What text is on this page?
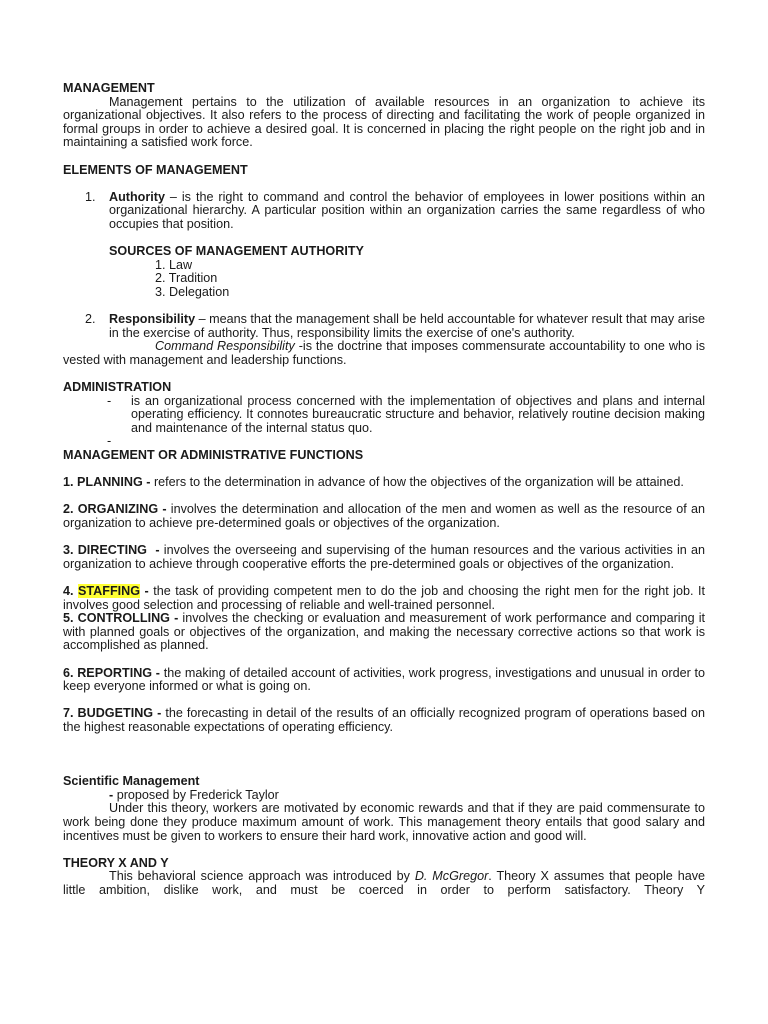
MANAGEMENT

Management pertains to the utilization of available resources in an organization to achieve its organizational objectives. It also refers to the process of directing and facilitating the work of people organized in formal groups in order to achieve a desired goal. It is concerned in placing the right people on the right job and in maintaining a satisfied work force.

ELEMENTS OF MANAGEMENT

1. Authority – is the right to command and control the behavior of employees in lower positions within an organizational hierarchy. A particular position within an organization carries the same regardless of who occupies that position.

SOURCES OF MANAGEMENT AUTHORITY

1. Law
2. Tradition
3. Delegation
2. Responsibility – means that the management shall be held accountable for whatever result that may arise in the exercise of authority. Thus, responsibility limits the exercise of one's authority.

Command Responsibility -is the doctrine that imposes commensurate accountability to one who is vested with management and leadership functions.

ADMINISTRATION

- is an organizational process concerned with the implementation of objectives and plans and internal operating efficiency. It connotes bureaucratic structure and behavior, relatively routine decision making and maintenance of the internal status quo.
-

MANAGEMENT OR ADMINISTRATIVE FUNCTIONS

1. PLANNING - refers to the determination in advance of how the objectives of the organization will be attained.

2. ORGANIZING - involves the determination and allocation of the men and women as well as the resource of an organization to achieve pre-determined goals or objectives of the organization.

3. DIRECTING  - involves the overseeing and supervising of the human resources and the various activities in an organization to achieve through cooperative efforts the pre-determined goals or objectives of the organization.

4. STAFFING - the task of providing competent men to do the job and choosing the right men for the right job. It involves good selection and processing of reliable and well-trained personnel.

5. CONTROLLING - involves the checking or evaluation and measurement of work performance and comparing it with planned goals or objectives of the organization, and making the necessary corrective actions so that work is accomplished as planned.

6. REPORTING - the making of detailed account of activities, work progress, investigations and unusual in order to keep everyone informed or what is going on.

7. BUDGETING - the forecasting in detail of the results of an officially recognized program of operations based on the highest reasonable expectations of operating efficiency.

Scientific Management

- proposed by Frederick Taylor

Under this theory, workers are motivated by economic rewards and that if they are paid commensurate to work being done they produce maximum amount of work. This management theory entails that good salary and incentives must be given to workers to ensure their hard work, innovative action and good will.

THEORY X AND Y

This behavioral science approach was introduced by D. McGregor. Theory X assumes that people have little ambition, dislike work, and must be coerced in order to perform satisfactory. Theory Y
